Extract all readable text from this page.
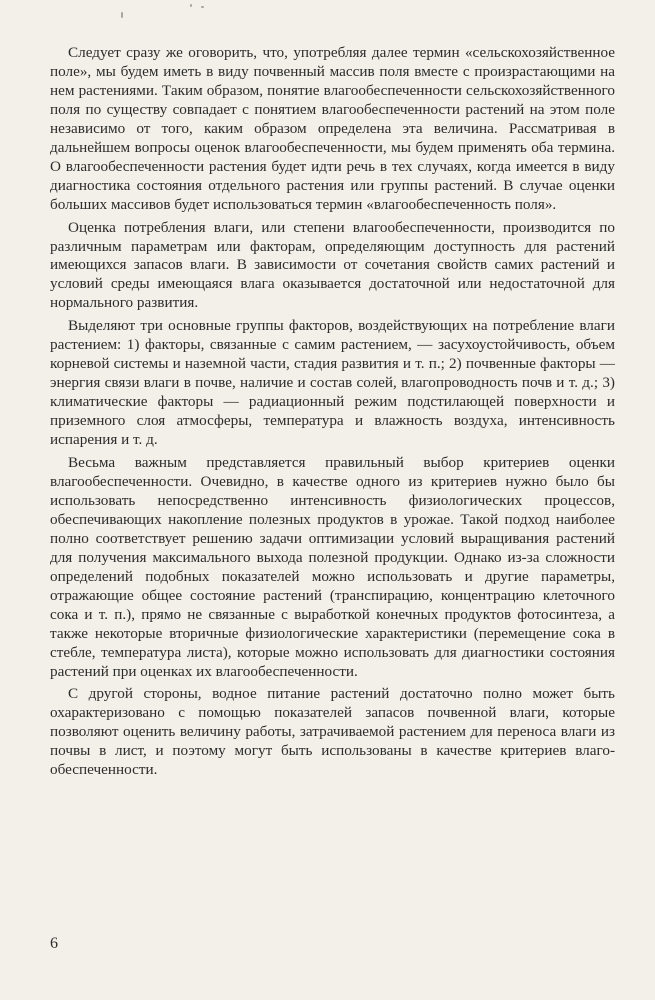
Следует сразу же оговорить, что, употребляя далее термин «сельскохозяйственное поле», мы будем иметь в виду почвенный массив поля вместе с произрастающими на нем растениями. Таким образом, понятие влагообеспеченности сельскохозяйственного поля по существу совпадает с понятием влагообеспеченности растений на этом поле независимо от того, каким образом определена эта величина. Рассматривая в дальнейшем вопросы оценок влагообеспеченности, мы будем применять оба термина. О влагообеспеченности растения будет идти речь в тех случаях, когда имеется в виду диагностика состояния отдельного растения или группы растений. В случае оценки больших массивов будет использоваться термин «влагообеспеченность поля».

Оценка потребления влаги, или степени влагообеспеченности, производится по различным параметрам или факторам, определяющим доступность для растений имеющихся запасов влаги. В зависимости от сочетания свойств самих растений и условий среды имеющаяся влага оказывается достаточной или недостаточной для нормального развития.

Выделяют три основные группы факторов, воздействующих на потребление влаги растением: 1) факторы, связанные с самим растением, — засухоустойчивость, объем корневой системы и наземной части, стадия развития и т. п.; 2) почвенные факторы — энергия связи влаги в почве, наличие и состав солей, влагопроводность почв и т. д.; 3) климатические факторы — радиационный режим подстилающей поверхности и приземного слоя атмосферы, температура и влажность воздуха, интенсивность испарения и т. д.

Весьма важным представляется правильный выбор критериев оценки влагообеспеченности. Очевидно, в качестве одного из критериев нужно было бы использовать непосредственно интенсивность физиологических процессов, обеспечивающих накопление полезных продуктов в урожае. Такой подход наиболее полно соответствует решению задачи оптимизации условий выращивания растений для получения максимального выхода полезной продукции. Однако из-за сложности определений подобных показателей можно использовать и другие параметры, отражающие общее состояние растений (транспирацию, концентрацию клеточного сока и т. п.), прямо не связанные с выработкой конечных продуктов фотосинтеза, а также некоторые вторичные физиологические характеристики (перемещение сока в стебле, температура листа), которые можно использовать для диагностики состояния растений при оценках их влагообеспеченности.

С другой стороны, водное питание растений достаточно полно может быть охарактеризовано с помощью показателей запасов почвенной влаги, которые позволяют оценить величину работы, затрачиваемой растением для переноса влаги из почвы в лист, и поэтому могут быть использованы в качестве критериев влагообеспеченности.

6
